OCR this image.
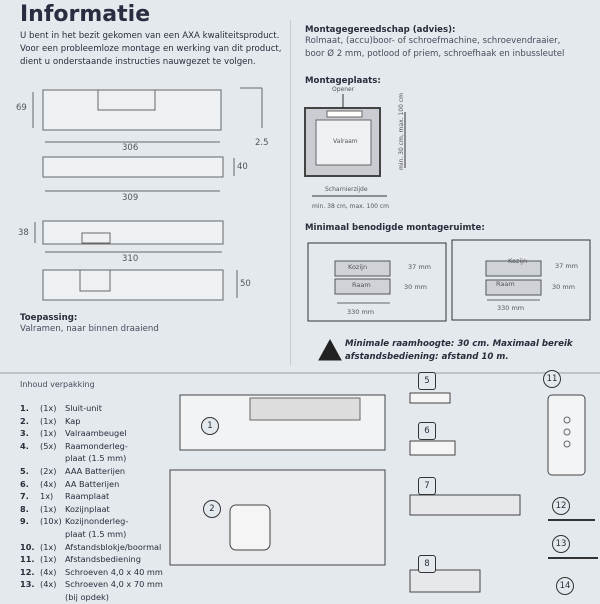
Informatie
U bent in het bezit gekomen van een AXA kwaliteitsproduct.
Voor een probleemloze montage en werking van dit product,
dient u onderstaande instructies nauwgezet te volgen.
69
306	2.5
40
309
38
310
50
Toepassing:
Valramen, naar binnen draaiend
Montagegereedschap (advies):
Rolmaat, (accu)boor- of schroefmachine, schroevendraaier,
boor Ø 2 mm, potlood of priem, schroefhaak en inbussleutel
Montageplaats:
Opener
Valraam	min. 30 cm, max. 100 cm
Scharnierzijde
min. 38 cm, max. 100 cm
Minimaal benodigde montageruimte:
Kozijn
Raam
37 mm
30 mm
330 mm
Kozijn
Raam
37 mm
30 mm
330 mm
Minimale raamhoogte: 30 cm. Maximaal bereik
afstandsbediening: afstand 10 m.
Inhoud verpakking
1.	(1x)	Sluit-unit
2.	(1x)	Kap
3.	(1x)	Valraambeugel
4.	(5x)	Raamonderleg-
plaat (1.5 mm)
5.	(2x)	AAA Batterijen
6.	(4x)	AA Batterijen
7.	1x)	Raamplaat
8.	(1x)	Kozijnplaat
9.	(10x) Kozijnonderleg-
plaat (1.5 mm)
10. (1x)	Afstandsblokje/boormal
11. (1x)	Afstandsbediening
12. (4x)	Schroeven 4,0 x 40 mm
13. (4x)	Schroeven 4,0 x 70 mm
(bij opdek)
1
2
5
6
7
8
11
12
13
14
